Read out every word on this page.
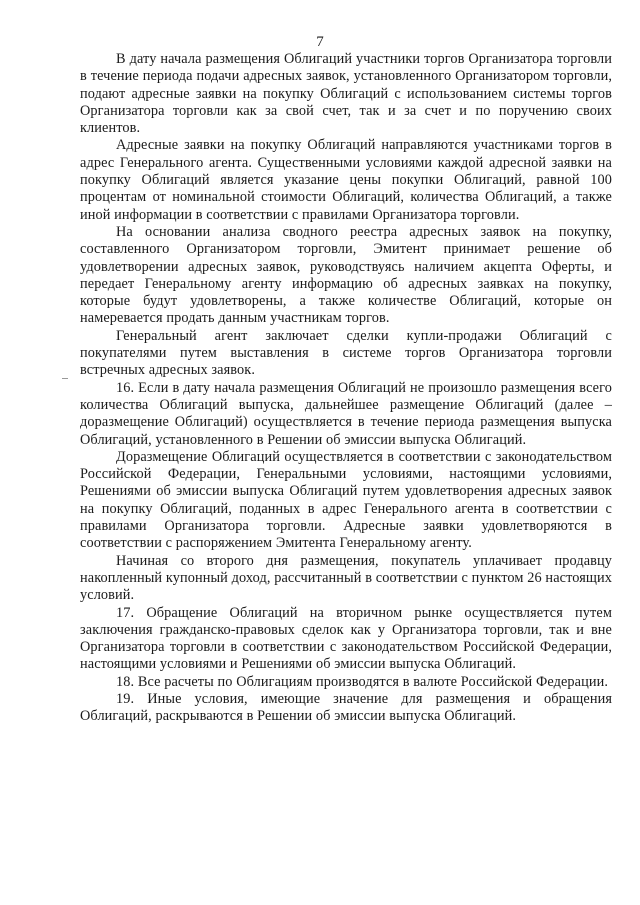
7

В дату начала размещения Облигаций участники торгов Организатора торговли в течение периода подачи адресных заявок, установленного Организатором торговли, подают адресные заявки на покупку Облигаций с использованием системы торгов Организатора торговли как за свой счет, так и за счет и по поручению своих клиентов.

Адресные заявки на покупку Облигаций направляются участниками торгов в адрес Генерального агента. Существенными условиями каждой адресной заявки на покупку Облигаций является указание цены покупки Облигаций, равной 100 процентам от номинальной стоимости Облигаций, количества Облигаций, а также иной информации в соответствии с правилами Организатора торговли.

На основании анализа сводного реестра адресных заявок на покупку, составленного Организатором торговли, Эмитент принимает решение об удовлетворении адресных заявок, руководствуясь наличием акцепта Оферты, и передает Генеральному агенту информацию об адресных заявках на покупку, которые будут удовлетворены, а также количестве Облигаций, которые он намеревается продать данным участникам торгов.

Генеральный агент заключает сделки купли-продажи Облигаций с покупателями путем выставления в системе торгов Организатора торговли встречных адресных заявок.

16. Если в дату начала размещения Облигаций не произошло размещения всего количества Облигаций выпуска, дальнейшее размещение Облигаций (далее – доразмещение Облигаций) осуществляется в течение периода размещения выпуска Облигаций, установленного в Решении об эмиссии выпуска Облигаций.

Доразмещение Облигаций осуществляется в соответствии с законодательством Российской Федерации, Генеральными условиями, настоящими условиями, Решениями об эмиссии выпуска Облигаций путем удовлетворения адресных заявок на покупку Облигаций, поданных в адрес Генерального агента в соответствии с правилами Организатора торговли. Адресные заявки удовлетворяются в соответствии с распоряжением Эмитента Генеральному агенту.

Начиная со второго дня размещения, покупатель уплачивает продавцу накопленный купонный доход, рассчитанный в соответствии с пунктом 26 настоящих условий.

17. Обращение Облигаций на вторичном рынке осуществляется путем заключения гражданско-правовых сделок как у Организатора торговли, так и вне Организатора торговли в соответствии с законодательством Российской Федерации, настоящими условиями и Решениями об эмиссии выпуска Облигаций.

18. Все расчеты по Облигациям производятся в валюте Российской Федерации.

19. Иные условия, имеющие значение для размещения и обращения Облигаций, раскрываются в Решении об эмиссии выпуска Облигаций.
